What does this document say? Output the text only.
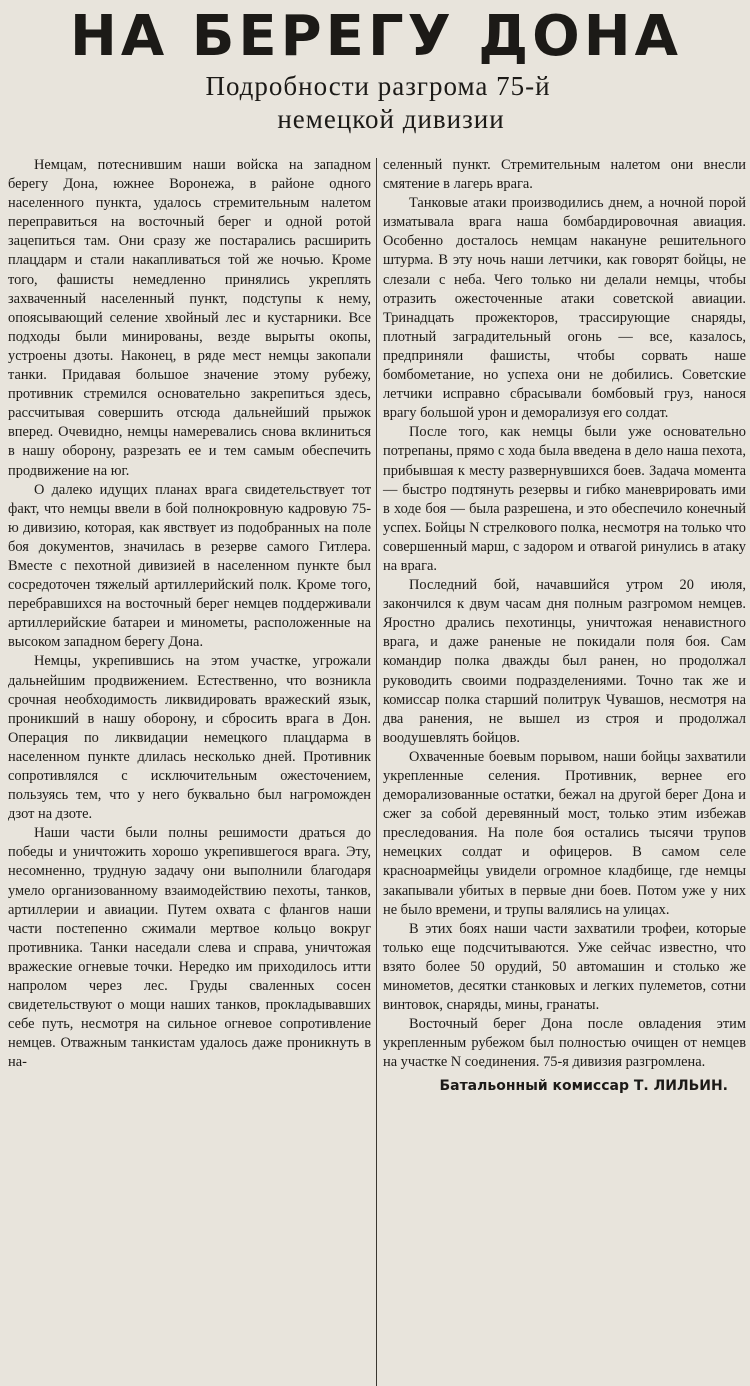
НА БЕРЕГУ ДОНА
Подробности разгрома 75-й
немецкой дивизии

Немцам, потеснившим наши войска на западном берегу Дона, южнее Воронежа, в районе одного населенного пункта, удалось стремительным налетом переправиться на восточный берег и одной ротой зацепиться там. Они сразу же постарались расширить плацдарм и стали накапливаться той же ночью. Кроме того, фашисты немедленно принялись укреплять захваченный населенный пункт, подступы к нему, опоясывающий селение хвойный лес и кустарники. Все подходы были минированы, везде вырыты окопы, устроены дзоты. Наконец, в ряде мест немцы закопали танки. Придавая большое значение этому рубежу, противник стремился основательно закрепиться здесь, рассчитывая совершить отсюда дальнейший прыжок вперед. Очевидно, немцы намеревались снова вклиниться в нашу оборону, разрезать ее и тем самым обеспечить продвижение на юг.

О далеко идущих планах врага свидетельствует тот факт, что немцы ввели в бой полнокровную кадровую 75-ю дивизию, которая, как явствует из подобранных на поле боя документов, значилась в резерве самого Гитлера. Вместе с пехотной дивизией в населенном пункте был сосредоточен тяжелый артиллерийский полк. Кроме того, перебравшихся на восточный берег немцев поддерживали артиллерийские батареи и минометы, расположенные на высоком западном берегу Дона.

Немцы, укрепившись на этом участке, угрожали дальнейшим продвижением. Естественно, что возникла срочная необходимость ликвидировать вражеский язык, проникший в нашу оборону, и сбросить врага в Дон. Операция по ликвидации немецкого плацдарма в населенном пункте длилась несколько дней. Противник сопротивлялся с исключительным ожесточением, пользуясь тем, что у него буквально был нагроможден дзот на дзоте.

Наши части были полны решимости драться до победы и уничтожить хорошо укрепившегося врага. Эту, несомненно, трудную задачу они выполнили благодаря умело организованному взаимодействию пехоты, танков, артиллерии и авиации. Путем охвата с флангов наши части постепенно сжимали мертвое кольцо вокруг противника. Танки наседали слева и справа, уничтожая вражеские огневые точки. Нередко им приходилось итти напролом через лес. Груды сваленных сосен свидетельствуют о мощи наших танков, прокладывавших себе путь, несмотря на сильное огневое сопротивление немцев. Отважным танкистам удалось даже проникнуть в на-

селенный пункт. Стремительным налетом они внесли смятение в лагерь врага.

Танковые атаки производились днем, а ночной порой изматывала врага наша бомбардировочная авиация. Особенно досталось немцам накануне решительного штурма. В эту ночь наши летчики, как говорят бойцы, не слезали с неба. Чего только ни делали немцы, чтобы отразить ожесточенные атаки советской авиации. Тринадцать прожекторов, трассирующие снаряды, плотный заградительный огонь — все, казалось, предприняли фашисты, чтобы сорвать наше бомбометание, но успеха они не добились. Советские летчики исправно сбрасывали бомбовый груз, нанося врагу большой урон и деморализуя его солдат.

После того, как немцы были уже основательно потрепаны, прямо с хода была введена в дело наша пехота, прибывшая к месту развернувшихся боев. Задача момента — быстро подтянуть резервы и гибко маневрировать ими в ходе боя — была разрешена, и это обеспечило конечный успех. Бойцы N стрелкового полка, несмотря на только что совершенный марш, с задором и отвагой ринулись в атаку на врага.

Последний бой, начавшийся утром 20 июля, закончился к двум часам дня полным разгромом немцев. Яростно дрались пехотинцы, уничтожая ненавистного врага, и даже раненые не покидали поля боя. Сам командир полка дважды был ранен, но продолжал руководить своими подразделениями. Точно так же и комиссар полка старший политрук Чувашов, несмотря на два ранения, не вышел из строя и продолжал воодушевлять бойцов.

Охваченные боевым порывом, наши бойцы захватили укрепленные селения. Противник, вернее его деморализованные остатки, бежал на другой берег Дона и сжег за собой деревянный мост, только этим избежав преследования. На поле боя остались тысячи трупов немецких солдат и офицеров. В самом селе красноармейцы увидели огромное кладбище, где немцы закапывали убитых в первые дни боев. Потом уже у них не было времени, и трупы валялись на улицах.

В этих боях наши части захватили трофеи, которые только еще подсчитываются. Уже сейчас известно, что взято более 50 орудий, 50 автомашин и столько же минометов, десятки станковых и легких пулеметов, сотни винтовок, снаряды, мины, гранаты.

Восточный берег Дона после овладения этим укрепленным рубежом был полностью очищен от немцев на участке N соединения. 75-я дивизия разгромлена.

Батальонный комиссар Т. ЛИЛЬИН.
